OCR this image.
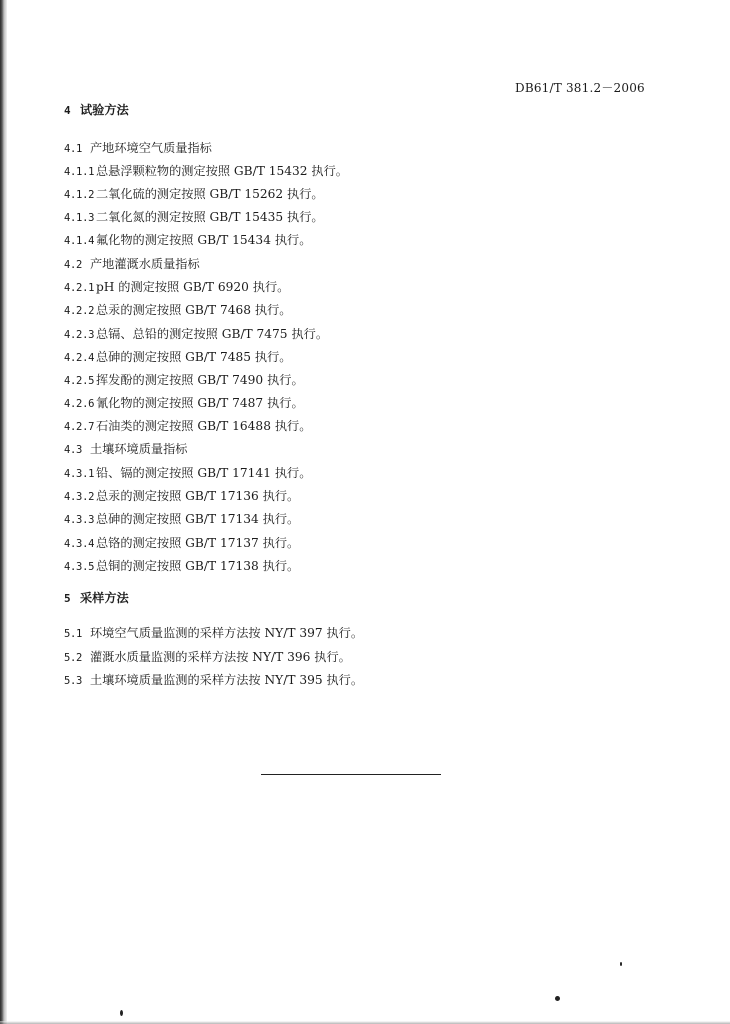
DB61/T 381.2－2006
4 试验方法
4.1 产地环境空气质量指标
4.1.1 总悬浮颗粒物的测定按照 GB/T 15432 执行。
4.1.2 二氧化硫的测定按照 GB/T 15262 执行。
4.1.3 二氧化氮的测定按照 GB/T 15435 执行。
4.1.4 氟化物的测定按照 GB/T 15434 执行。
4.2 产地灌溉水质量指标
4.2.1 pH 的测定按照 GB/T 6920 执行。
4.2.2 总汞的测定按照 GB/T 7468 执行。
4.2.3 总镉、总铅的测定按照 GB/T 7475 执行。
4.2.4 总砷的测定按照 GB/T 7485 执行。
4.2.5 挥发酚的测定按照 GB/T 7490 执行。
4.2.6 氰化物的测定按照 GB/T 7487 执行。
4.2.7 石油类的测定按照 GB/T 16488 执行。
4.3 土壤环境质量指标
4.3.1 铅、镉的测定按照 GB/T 17141 执行。
4.3.2 总汞的测定按照 GB/T 17136 执行。
4.3.3 总砷的测定按照 GB/T 17134 执行。
4.3.4 总铬的测定按照 GB/T 17137 执行。
4.3.5 总铜的测定按照 GB/T 17138 执行。
5 采样方法
5.1 环境空气质量监测的采样方法按 NY/T 397 执行。
5.2 灌溉水质量监测的采样方法按 NY/T 396 执行。
5.3 土壤环境质量监测的采样方法按 NY/T 395 执行。
